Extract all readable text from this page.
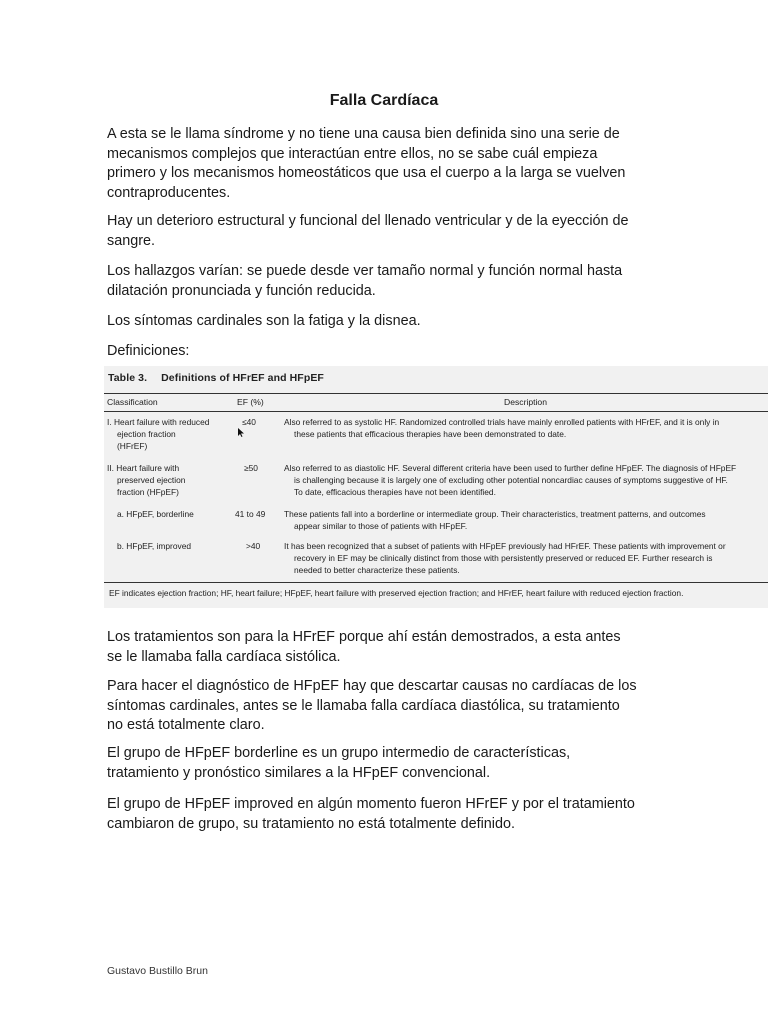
Falla Cardíaca

A esta se le llama síndrome y no tiene una causa bien definida sino una serie de
mecanismos complejos que interactúan entre ellos, no se sabe cuál empieza
primero y los mecanismos homeostáticos que usa el cuerpo a la larga se vuelven
contraproducentes.

Hay un deterioro estructural y funcional del llenado ventricular y de la eyección de
sangre.

Los hallazgos varían: se puede desde ver tamaño normal y función normal hasta
dilatación pronunciada y función reducida.

Los síntomas cardinales son la fatiga y la disnea.

Definiciones:

Table 3. Definitions of HFrEF and HFpEF
Classification	EF (%)	Description
I. Heart failure with reduced
ejection fraction
(HFrEF)
≤40	Also referred to as systolic HF. Randomized controlled trials have mainly enrolled patients with HFrEF, and it is only in
these patients that efficacious therapies have been demonstrated to date.
II. Heart failure with
preserved ejection
fraction (HFpEF)
≥50	Also referred to as diastolic HF. Several different criteria have been used to further define HFpEF. The diagnosis of HFpEF
is challenging because it is largely one of excluding other potential noncardiac causes of symptoms suggestive of HF.
To date, efficacious therapies have not been identified.
a. HFpEF, borderline	41 to 49 These patients fall into a borderline or intermediate group. Their characteristics, treatment patterns, and outcomes
appear similar to those of patients with HFpEF.
b. HFpEF, improved	>40	It has been recognized that a subset of patients with HFpEF previously had HFrEF. These patients with improvement or
recovery in EF may be clinically distinct from those with persistently preserved or reduced EF. Further research is
needed to better characterize these patients.
EF indicates ejection fraction; HF, heart failure; HFpEF, heart failure with preserved ejection fraction; and HFrEF, heart failure with reduced ejection fraction.

Los tratamientos son para la HFrEF porque ahí están demostrados, a esta antes
se le llamaba falla cardíaca sistólica.

Para hacer el diagnóstico de HFpEF hay que descartar causas no cardíacas de los
síntomas cardinales, antes se le llamaba falla cardíaca diastólica, su tratamiento
no está totalmente claro.

El grupo de HFpEF borderline es un grupo intermedio de características,
tratamiento y pronóstico similares a la HFpEF convencional.

El grupo de HFpEF improved en algún momento fueron HFrEF y por el tratamiento
cambiaron de grupo, su tratamiento no está totalmente definido.

Gustavo Bustillo Brun
